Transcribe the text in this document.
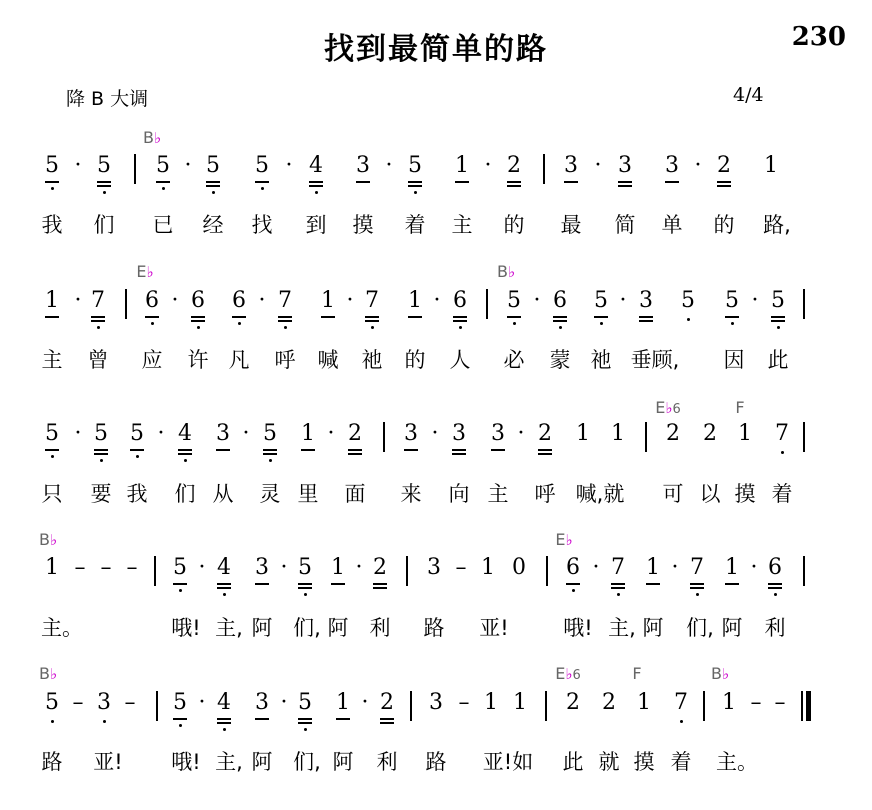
找到最简单的路	230
降 B 大调	4/4
B♭
5 · 5 5 · 5 5 · 4 3 · 5 1 · 2 3 · 3 3 · 2 1
我 们 已 经 找 到 摸 着 主 的 最 简 单 的 路,
E♭	B♭
1 · 7 6 · 6 6 · 7 1 · 7 1 · 6 5 · 6 5 · 3 5 5 · 5
主 曾 应 许 凡 呼 喊 祂 的 人 必 蒙 祂 垂顾, 因 此
E♭6	F
5 · 5 5 · 4 3 · 5 1 · 2 3 · 3 3 · 2 1 1 2 2 1 7
只 要 我 们 从 灵 里 面 来 向 主 呼 喊,就 可 以 摸 着
B♭	E♭
1 – – – 5 · 4 3 · 5 1 · 2 3 – 1 0 6 · 7 1 · 7 1 · 6
主。	哦! 主, 阿 们, 阿 利 路 亚!	哦! 主, 阿 们, 阿 利
B♭	E♭6	F	B♭
5 – 3 – 5 · 4 3 · 5 1 · 2 3 – 1 1 2 2 1 7 1 – –
路 亚! 哦! 主, 阿 们, 阿 利 路 亚!如 此 就 摸 着 主。
